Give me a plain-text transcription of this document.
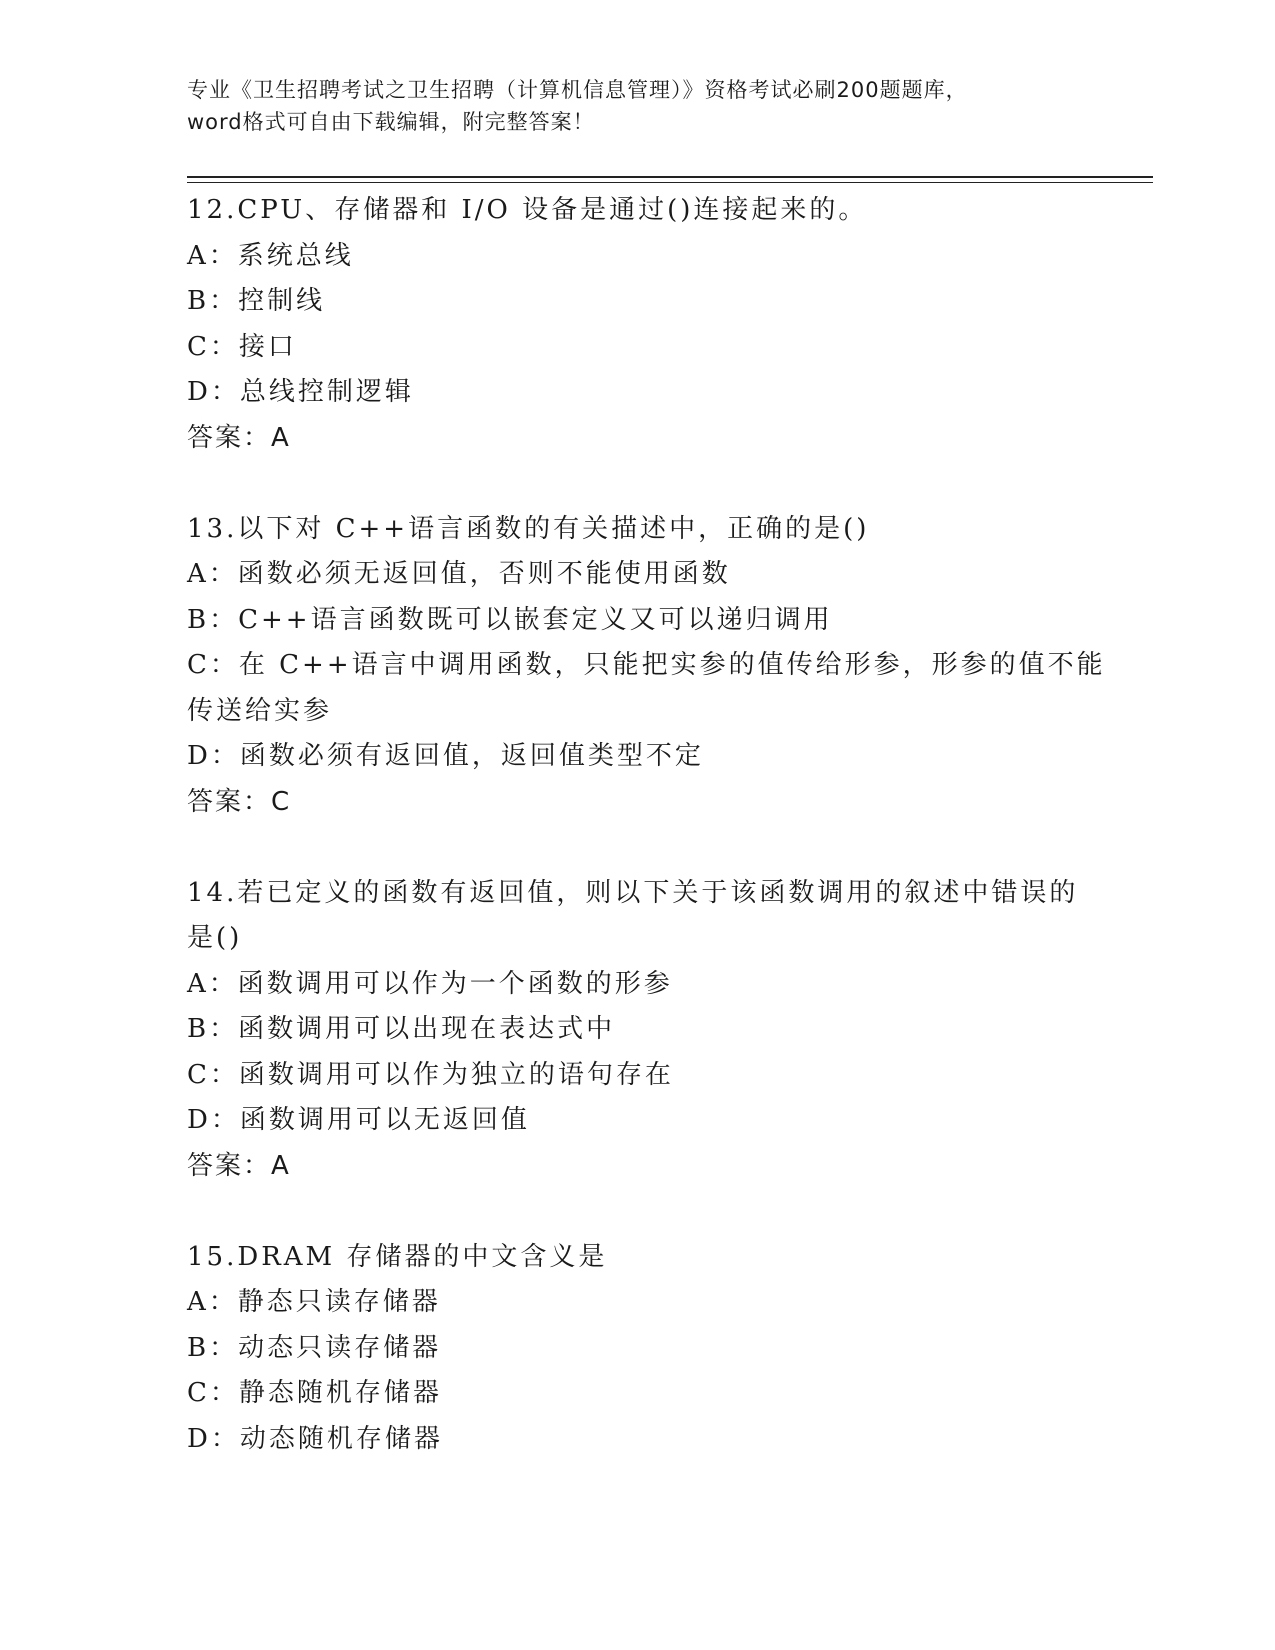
专业《卫生招聘考试之卫生招聘（计算机信息管理）》资格考试必刷200题题库，
word格式可自由下载编辑，附完整答案！
12.CPU、存储器和 I/O 设备是通过()连接起来的。
A：系统总线
B：控制线
C：接口
D：总线控制逻辑
答案：A
13.以下对 C++语言函数的有关描述中，正确的是()
A：函数必须无返回值，否则不能使用函数
B：C++语言函数既可以嵌套定义又可以递归调用
C：在 C++语言中调用函数，只能把实参的值传给形参，形参的值不能
传送给实参
D：函数必须有返回值，返回值类型不定
答案：C
14.若已定义的函数有返回值，则以下关于该函数调用的叙述中错误的
是()
A：函数调用可以作为一个函数的形参
B：函数调用可以出现在表达式中
C：函数调用可以作为独立的语句存在
D：函数调用可以无返回值
答案：A
15.DRAM 存储器的中文含义是
A：静态只读存储器
B：动态只读存储器
C：静态随机存储器
D：动态随机存储器
